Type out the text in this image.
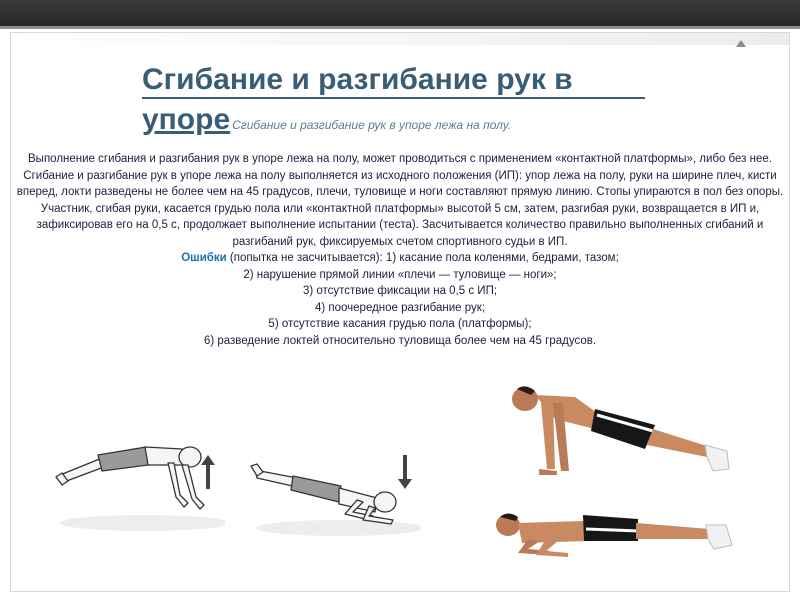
Сгибание и разгибание рук в
упоре Сгибание и разгибание рук в упоре лежа на полу.

Выполнение сгибания и разгибания рук в упоре лежа на полу, может проводиться с применением «контактной платформы», либо без нее. Сгибание и разгибание рук в упоре лежа на полу выполняется из исходного положения (ИП): упор лежа на полу, руки на ширине плеч, кисти вперед, локти разведены не более чем на 45 градусов, плечи, туловище и ноги составляют прямую линию. Стопы упираются в пол без опоры. Участник, сгибая руки, касается грудью пола или «контактной платформы» высотой 5 см, затем, разгибая руки, возвращается в ИП и, зафиксировав его на 0,5 с, продолжает выполнение испытании (теста). Засчитывается количество правильно выполненных сгибаний и разгибаний рук, фиксируемых счетом спортивного судьи в ИП.

Ошибки (попытка не засчитывается): 1) касание пола коленями, бедрами, тазом;

2) нарушение прямой линии «плечи — туловище — ноги»;

3) отсутствие фиксации на 0,5 с ИП;

4) поочередное разгибание рук;

5) отсутствие касания грудью пола (платформы);

6) разведение локтей относительно туловища более чем на 45 градусов.
